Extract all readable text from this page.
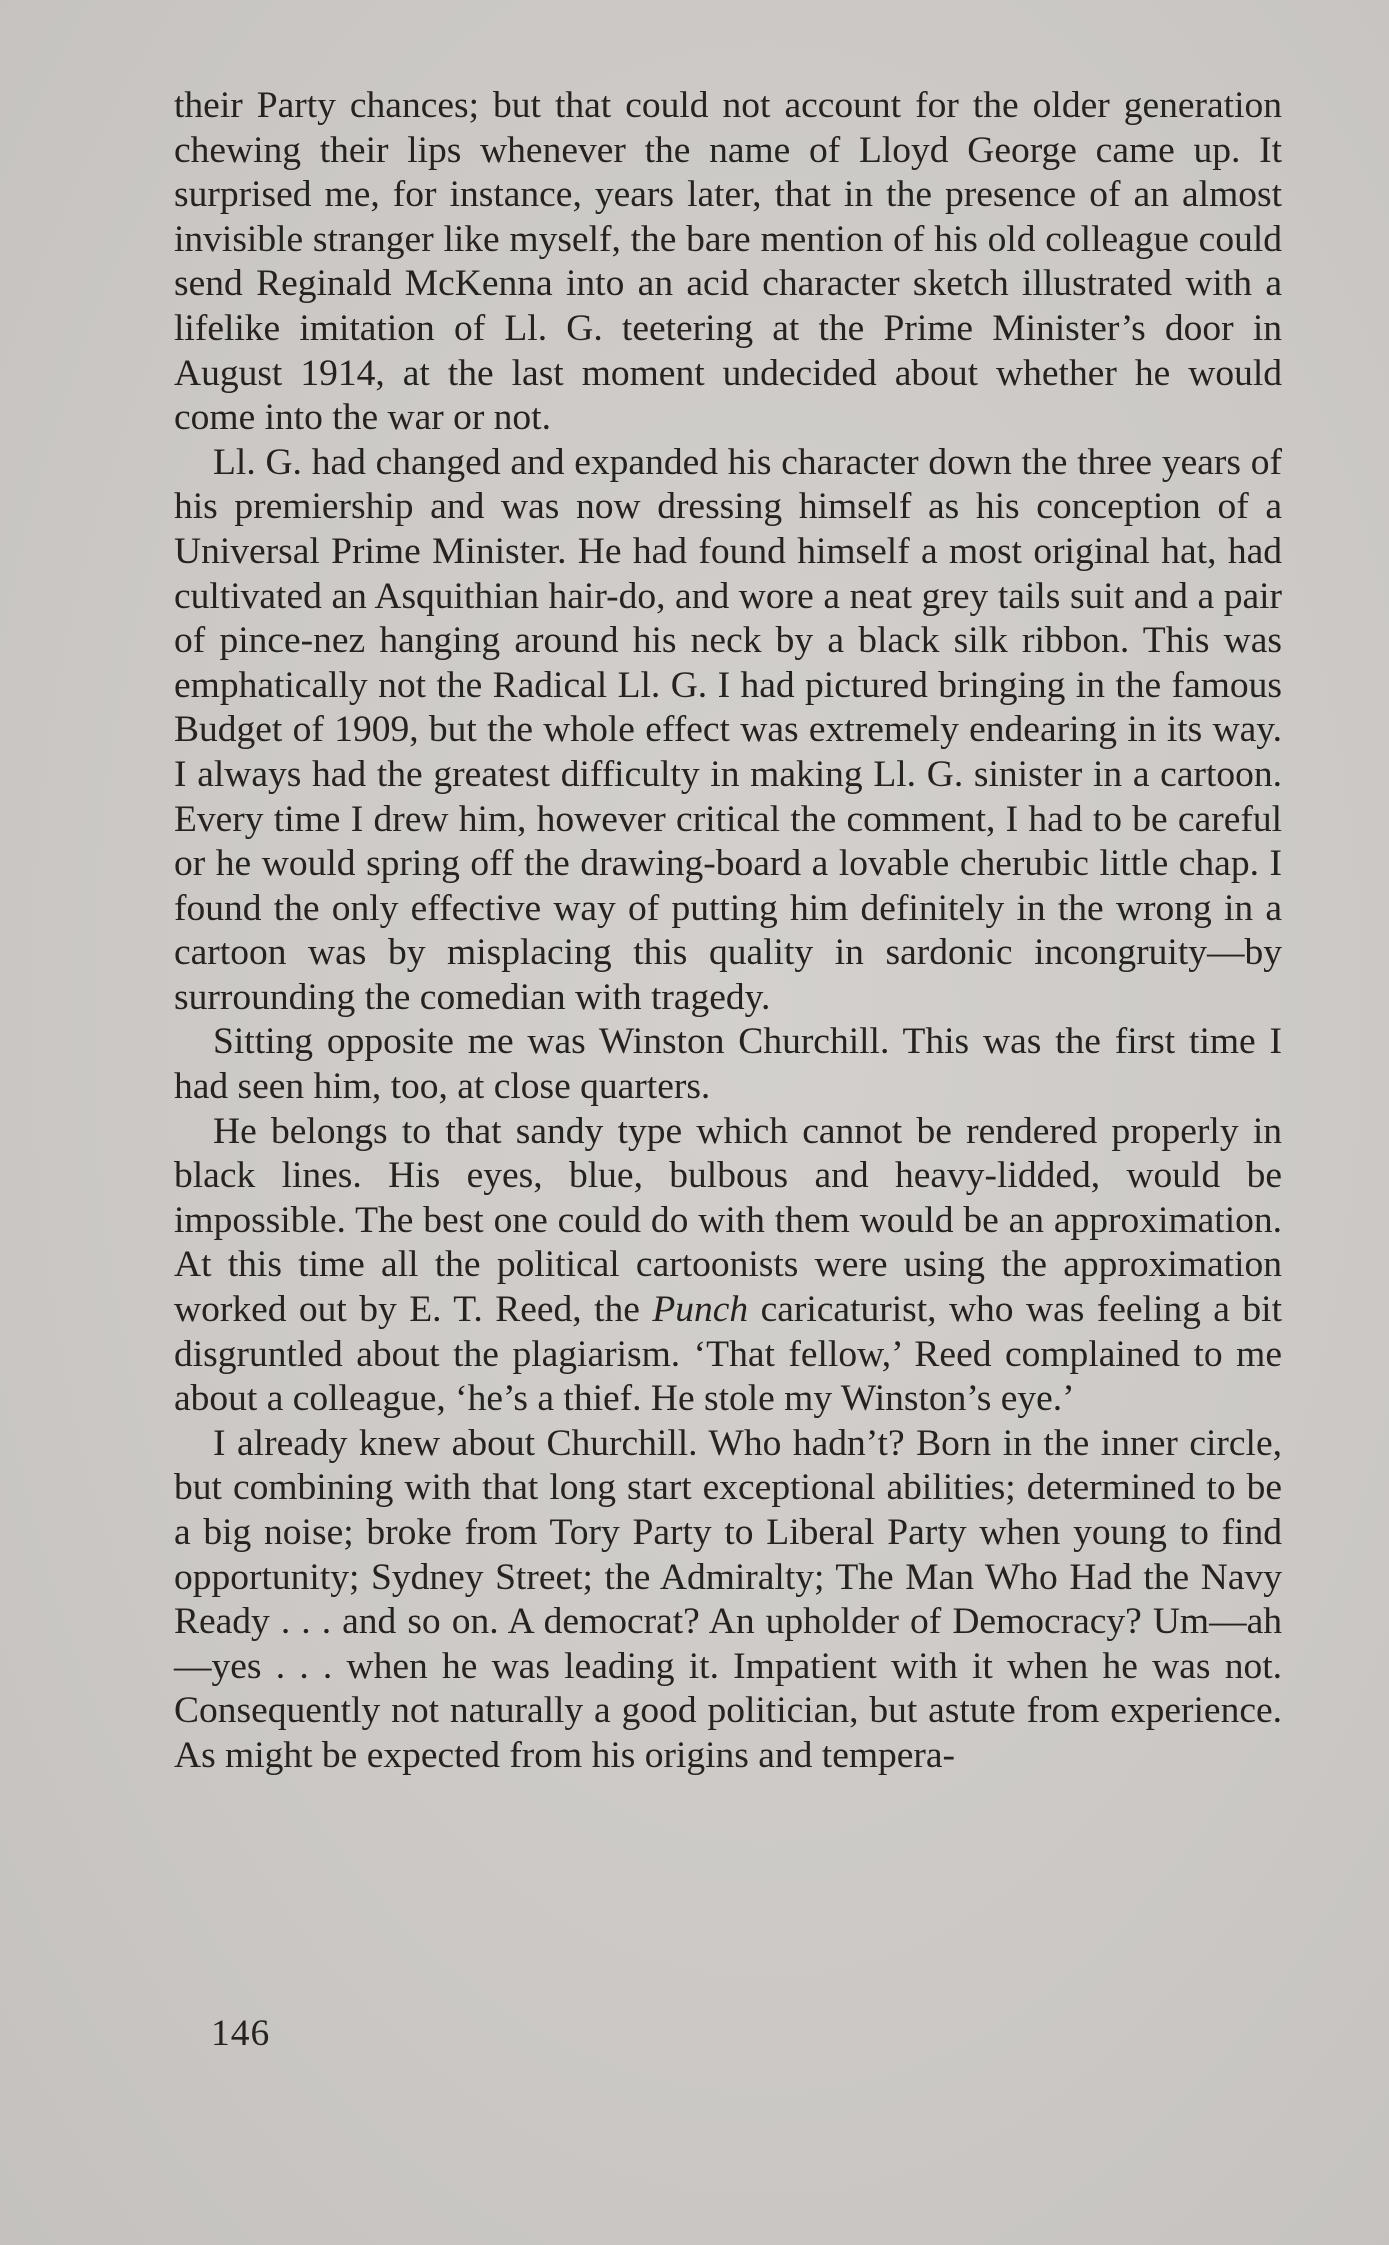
their Party chances; but that could not account for the older generation chewing their lips whenever the name of Lloyd George came up. It surprised me, for instance, years later, that in the presence of an almost invisible stranger like myself, the bare mention of his old colleague could send Reginald McKenna into an acid character sketch illustrated with a lifelike imitation of Ll. G. teetering at the Prime Minister’s door in August 1914, at the last moment undecided about whether he would come into the war or not.

Ll. G. had changed and expanded his character down the three years of his premiership and was now dressing himself as his conception of a Universal Prime Minister. He had found himself a most original hat, had cultivated an Asquithian hair-do, and wore a neat grey tails suit and a pair of pince-nez hanging around his neck by a black silk ribbon. This was emphatically not the Radical Ll. G. I had pictured bringing in the famous Budget of 1909, but the whole effect was extremely endearing in its way. I always had the greatest difficulty in making Ll. G. sinister in a cartoon. Every time I drew him, however critical the comment, I had to be careful or he would spring off the drawing-board a lovable cherubic little chap. I found the only effective way of putting him definitely in the wrong in a cartoon was by misplacing this quality in sardonic incongruity—by surrounding the comedian with tragedy.

Sitting opposite me was Winston Churchill. This was the first time I had seen him, too, at close quarters.

He belongs to that sandy type which cannot be rendered properly in black lines. His eyes, blue, bulbous and heavy-lidded, would be impossible. The best one could do with them would be an approximation. At this time all the political cartoonists were using the approximation worked out by E. T. Reed, the Punch caricaturist, who was feeling a bit disgruntled about the plagiarism. ‘That fellow,’ Reed complained to me about a colleague, ‘he’s a thief. He stole my Winston’s eye.’

I already knew about Churchill. Who hadn’t? Born in the inner circle, but combining with that long start exceptional abilities; determined to be a big noise; broke from Tory Party to Liberal Party when young to find opportunity; Sydney Street; the Admiralty; The Man Who Had the Navy Ready . . . and so on. A democrat? An upholder of Democracy? Um—ah—yes . . . when he was leading it. Impatient with it when he was not. Consequently not naturally a good politician, but astute from experience. As might be expected from his origins and tempera-

146
